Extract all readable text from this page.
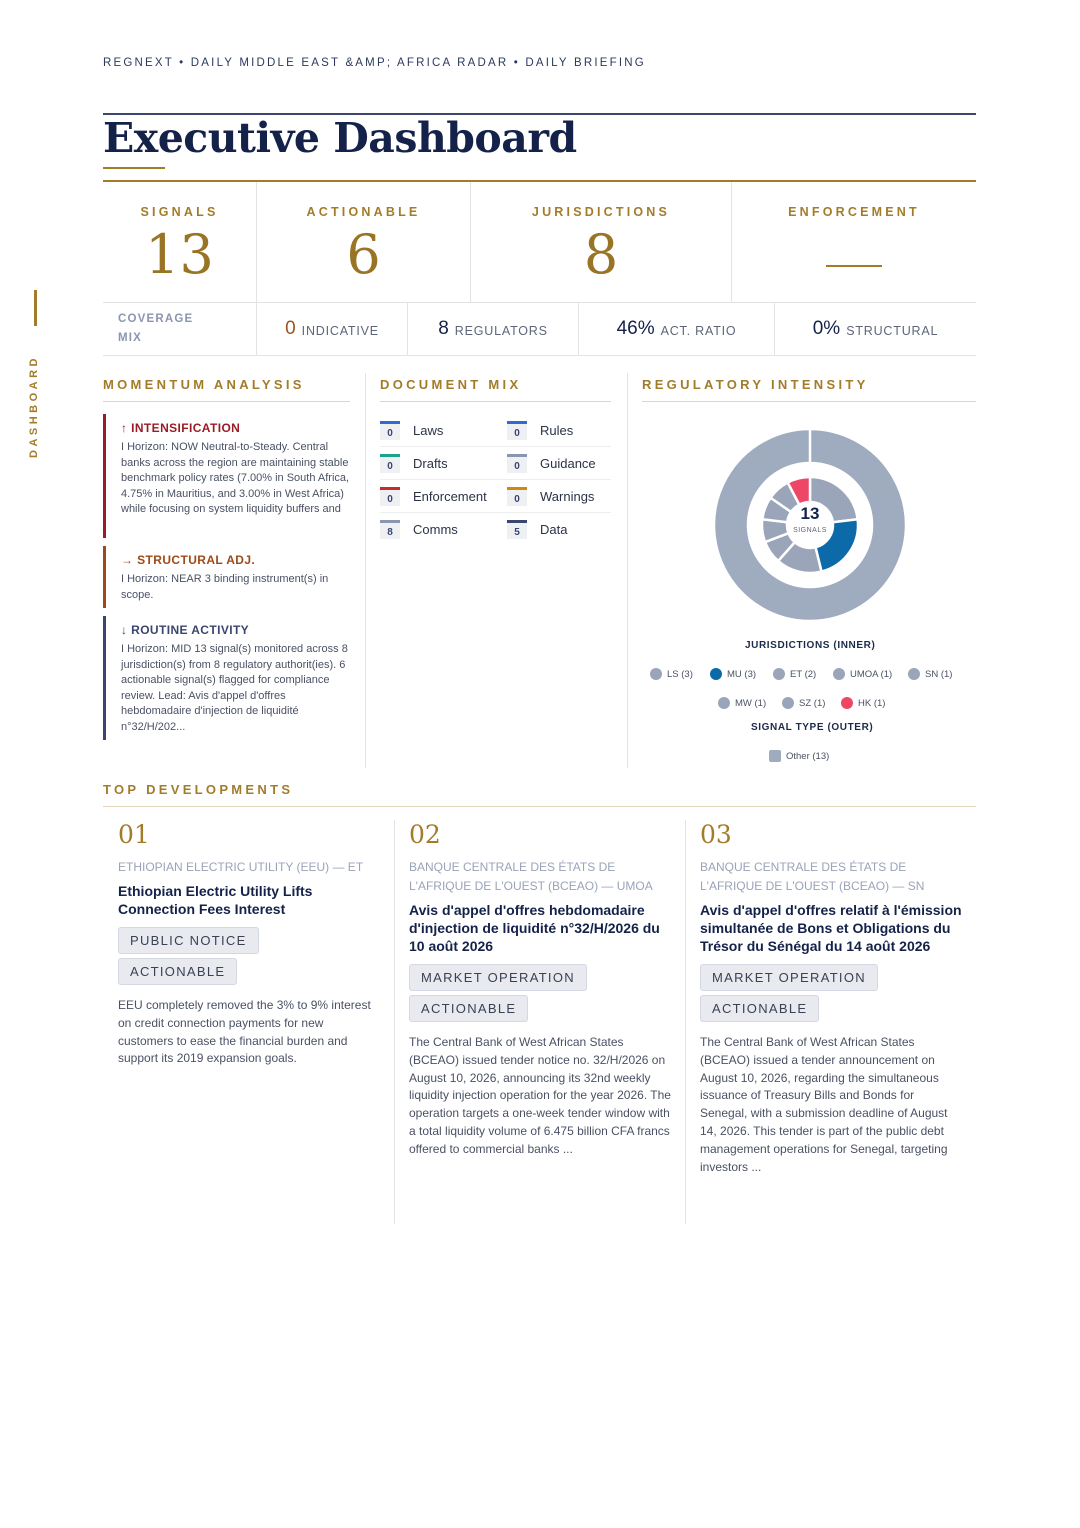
REGNEXT • DAILY MIDDLE EAST &AMP; AFRICA RADAR • DAILY BRIEFING
DASHBOARD
Executive Dashboard
SIGNALS
13
ACTIONABLE
6
JURISDICTIONS
8
ENFORCEMENT
COVERAGE MIX	0 INDICATIVE	8 REGULATORS	46% ACT. RATIO	0% STRUCTURAL
MOMENTUM ANALYSIS	DOCUMENT MIX	REGULATORY INTENSITY
↑ INTENSIFICATION
I Horizon: NOW Neutral-to-Steady. Central banks across the region are maintaining stable benchmark policy rates (7.00% in South Africa, 4.75% in Mauritius, and 3.00% in West Africa) while focusing on system liquidity buffers and
→ STRUCTURAL ADJ.
I Horizon: NEAR 3 binding instrument(s) in scope.
↓ ROUTINE ACTIVITY
I Horizon: MID 13 signal(s) monitored across 8 jurisdiction(s) from 8 regulatory authorit(ies). 6 actionable signal(s) flagged for compliance review. Lead: Avis d'appel d'offres hebdomadaire d'injection de liquidité n°32/H/202...
0	Laws	0	Rules
0	Drafts	0	Guidance
0	Enforcement	0	Warnings
8	Comms	5	Data
13
SIGNALS
JURISDICTIONS (INNER)
LS (3)	MU (3)	ET (2)	UMOA (1)	SN (1)
MW (1)	SZ (1)	HK (1)
SIGNAL TYPE (OUTER)
Other (13)
TOP DEVELOPMENTS
01
ETHIOPIAN ELECTRIC UTILITY (EEU) — ET
Ethiopian Electric Utility Lifts Connection Fees Interest
PUBLIC NOTICE
ACTIONABLE
EEU completely removed the 3% to 9% interest on credit connection payments for new customers to ease the financial burden and support its 2019 expansion goals.
02
BANQUE CENTRALE DES ÉTATS DE L'AFRIQUE DE L'OUEST (BCEAO) — UMOA
Avis d'appel d'offres hebdomadaire d'injection de liquidité n°32/H/2026 du 10 août 2026
MARKET OPERATION
ACTIONABLE
The Central Bank of West African States (BCEAO) issued tender notice no. 32/H/2026 on August 10, 2026, announcing its 32nd weekly liquidity injection operation for the year 2026. The operation targets a one-week tender window with a total liquidity volume of 6.475 billion CFA francs offered to commercial banks ...
03
BANQUE CENTRALE DES ÉTATS DE L'AFRIQUE DE L'OUEST (BCEAO) — SN
Avis d'appel d'offres relatif à l'émission simultanée de Bons et Obligations du Trésor du Sénégal du 14 août 2026
MARKET OPERATION
ACTIONABLE
The Central Bank of West African States (BCEAO) issued a tender announcement on August 10, 2026, regarding the simultaneous issuance of Treasury Bills and Bonds for Senegal, with a submission deadline of August 14, 2026. This tender is part of the public debt management operations for Senegal, targeting investors ...
